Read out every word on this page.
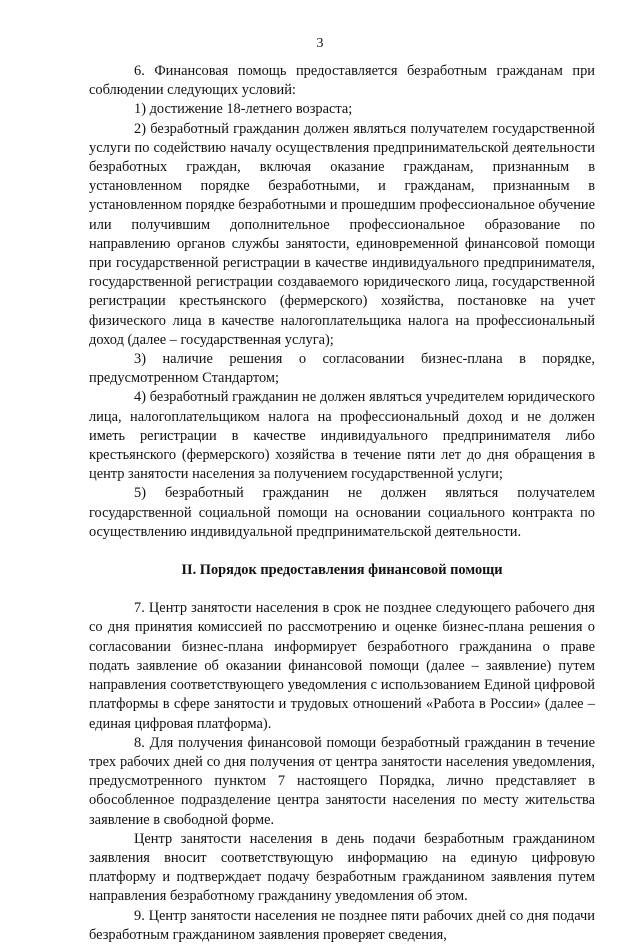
3

6. Финансовая помощь предоставляется безработным гражданам при соблюдении следующих условий:

1) достижение 18-летнего возраста;

2) безработный гражданин должен являться получателем государственной услуги по содействию началу осуществления предпринимательской деятельности безработных граждан, включая оказание гражданам, признанным в установленном порядке безработными, и гражданам, признанным в установленном порядке безработными и прошедшим профессиональное обучение или получившим дополнительное профессиональное образование по направлению органов службы занятости, единовременной финансовой помощи при государственной регистрации в качестве индивидуального предпринимателя, государственной регистрации создаваемого юридического лица, государственной регистрации крестьянского (фермерского) хозяйства, постановке на учет физического лица в качестве налогоплательщика налога на профессиональный доход (далее – государственная услуга);

3) наличие решения о согласовании бизнес-плана в порядке, предусмотренном Стандартом;

4) безработный гражданин не должен являться учредителем юридического лица, налогоплательщиком налога на профессиональный доход и не должен иметь регистрации в качестве индивидуального предпринимателя либо крестьянского (фермерского) хозяйства в течение пяти лет до дня обращения в центр занятости населения за получением государственной услуги;

5) безработный гражданин не должен являться получателем государственной социальной помощи на основании социального контракта по осуществлению индивидуальной предпринимательской деятельности.

II. Порядок предоставления финансовой помощи

7. Центр занятости населения в срок не позднее следующего рабочего дня со дня принятия комиссией по рассмотрению и оценке бизнес-плана решения о согласовании бизнес-плана информирует безработного гражданина о праве подать заявление об оказании финансовой помощи (далее – заявление) путем направления соответствующего уведомления с использованием Единой цифровой платформы в сфере занятости и трудовых отношений «Работа в России» (далее – единая цифровая платформа).

8. Для получения финансовой помощи безработный гражданин в течение трех рабочих дней со дня получения от центра занятости населения уведомления, предусмотренного пунктом 7 настоящего Порядка, лично представляет в обособленное подразделение центра занятости населения по месту жительства заявление в свободной форме.

Центр занятости населения в день подачи безработным гражданином заявления вносит соответствующую информацию на единую цифровую платформу и подтверждает подачу безработным гражданином заявления путем направления безработному гражданину уведомления об этом.

9. Центр занятости населения не позднее пяти рабочих дней со дня подачи безработным гражданином заявления проверяет сведения,
